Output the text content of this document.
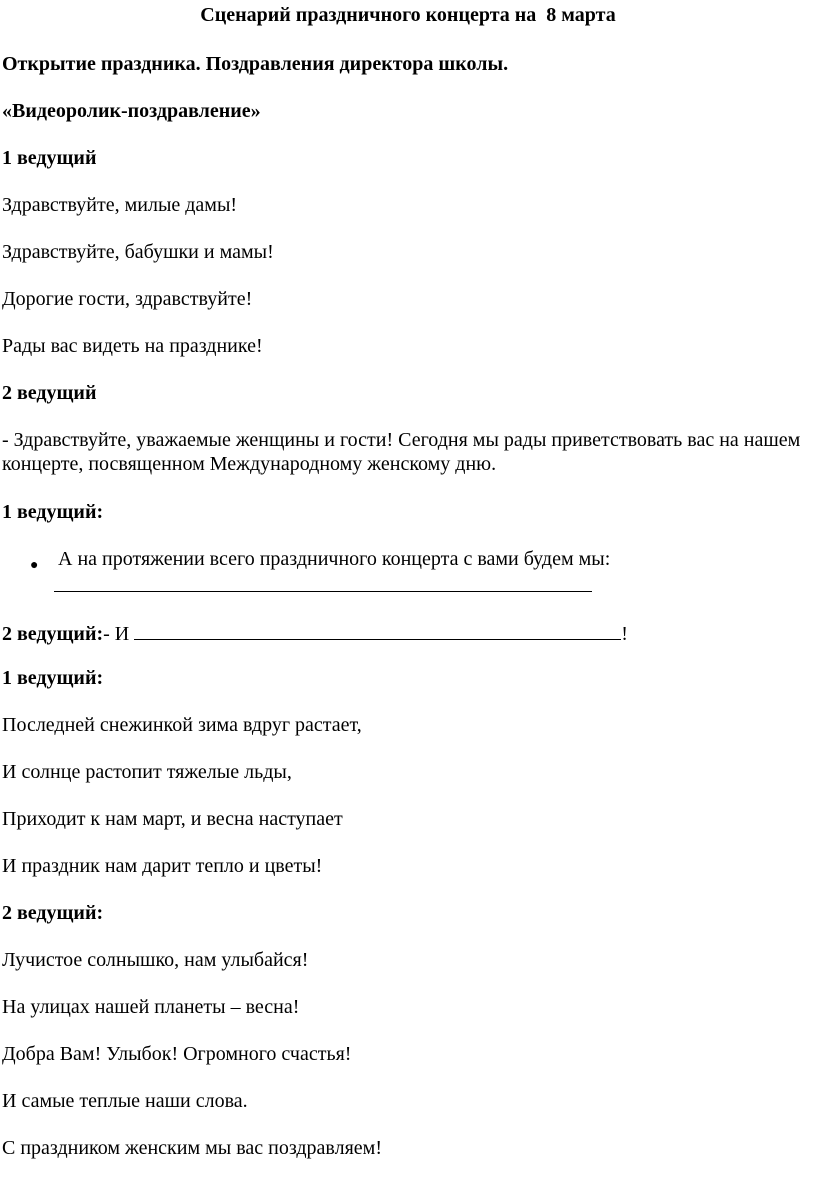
Сценарий праздничного концерта на  8 марта
Открытие праздника. Поздравления директора школы.
«Видеоролик-поздравление»
1 ведущий
Здравствуйте, милые дамы!
Здравствуйте, бабушки и мамы!
Дорогие гости, здравствуйте!
Рады вас видеть на празднике!
2 ведущий
- Здравствуйте, уважаемые женщины и гости! Сегодня мы рады приветствовать вас на нашем концерте, посвященном Международному женскому дню.
1 ведущий:
● А на протяжении всего праздничного концерта с вами будем мы:
2 ведущий:- И	!
1 ведущий:
Последней снежинкой зима вдруг растает,
И солнце растопит тяжелые льды,
Приходит к нам март, и весна наступает
И праздник нам дарит тепло и цветы!
2 ведущий:
Лучистое солнышко, нам улыбайся!
На улицах нашей планеты – весна!
Добра Вам! Улыбок! Огромного счастья!
И самые теплые наши слова.
С праздником женским мы вас поздравляем!
